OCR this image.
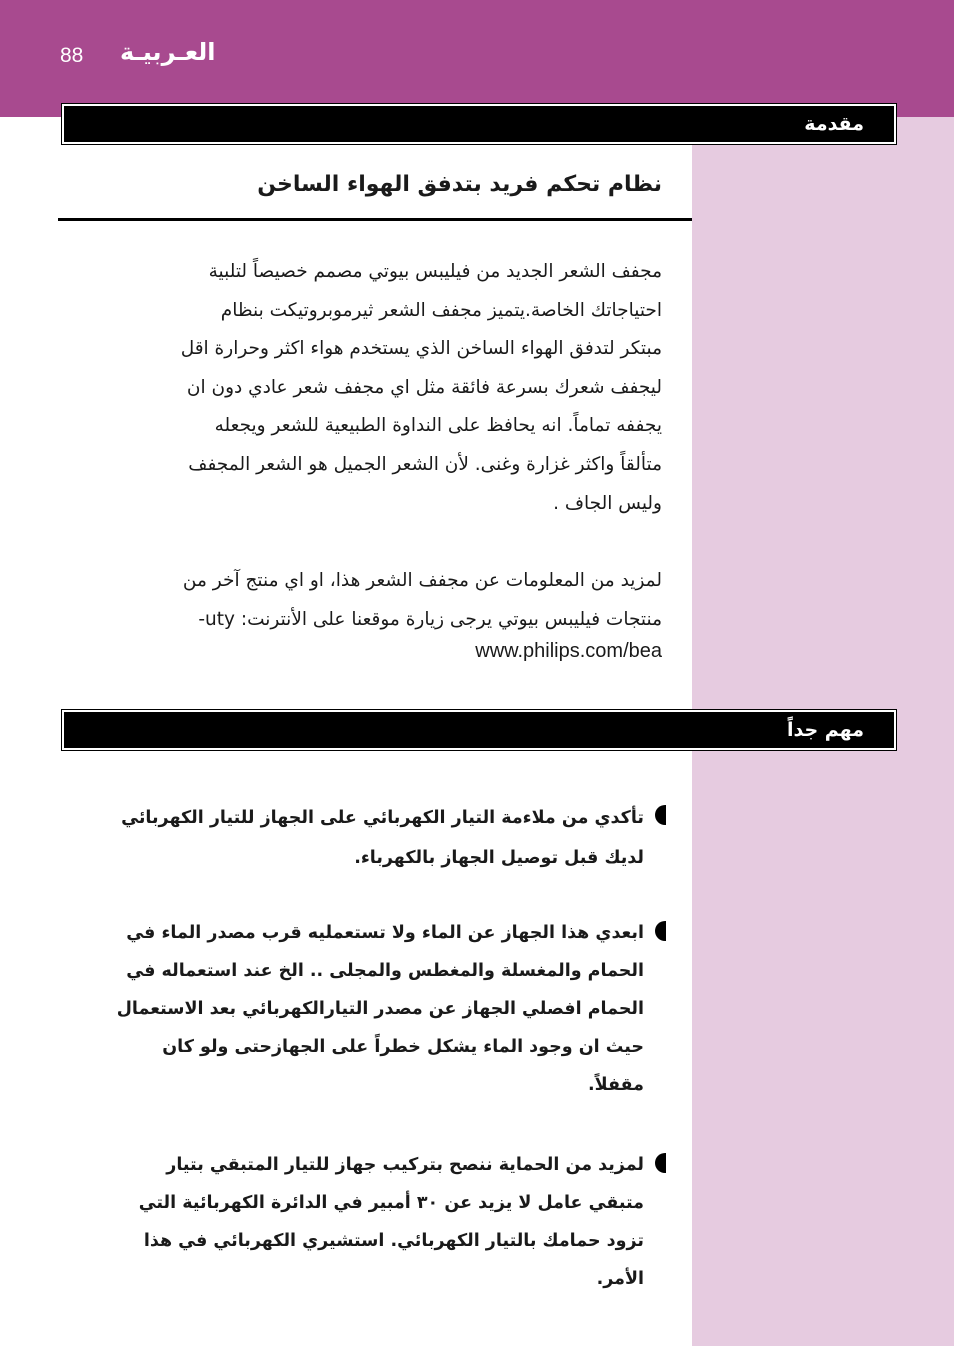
88 العـربيـة
مقدمة
نظام تحكم فريد بتدفق الهواء الساخن
مجفف الشعر الجديد من فيليبس بيوتي مصمم خصيصاً لتلبية
احتياجاتك الخاصة.يتميز مجفف الشعر ثيرموبروتيكت بنظام
مبتكر لتدفق الهواء الساخن الذي يستخدم هواء اكثر وحرارة اقل
ليجفف شعرك بسرعة فائقة مثل اي مجفف شعر عادي دون ان
يجففه تماماً. انه يحافظ على النداوة الطبيعية للشعر ويجعله
متألقاً واكثر غزارة وغنى. لأن الشعر الجميل هو الشعر المجفف
وليس الجاف .
لمزيد من المعلومات عن مجفف الشعر هذا، او اي منتج آخر من
منتجات فيليبس بيوتي يرجى زيارة موقعنا على الأنترنت: uty-
www.philips.com/bea
مهم جداً
تأكدي من ملاءمة التيار الكهربائي على الجهاز للتيار الكهربائي
لديك قبل توصيل الجهاز بالكهرباء.
ابعدي هذا الجهاز عن الماء ولا تستعمليه قرب مصدر الماء في
الحمام والمغسلة والمغطس والمجلى .. الخ عند استعماله في
الحمام افصلي الجهاز عن مصدر التيارالكهربائي بعد الاستعمال
حيث ان وجود الماء يشكل خطراً على الجهازحتى ولو كان
مقفلاً.
لمزيد من الحماية ننصح بتركيب جهاز للتيار المتبقي بتيار
متبقي عامل لا يزيد عن ٣٠ أمبير في الدائرة الكهربائية التي
تزود حمامك بالتيار الكهربائي. استشيري الكهربائي في هذا
الأمر.
